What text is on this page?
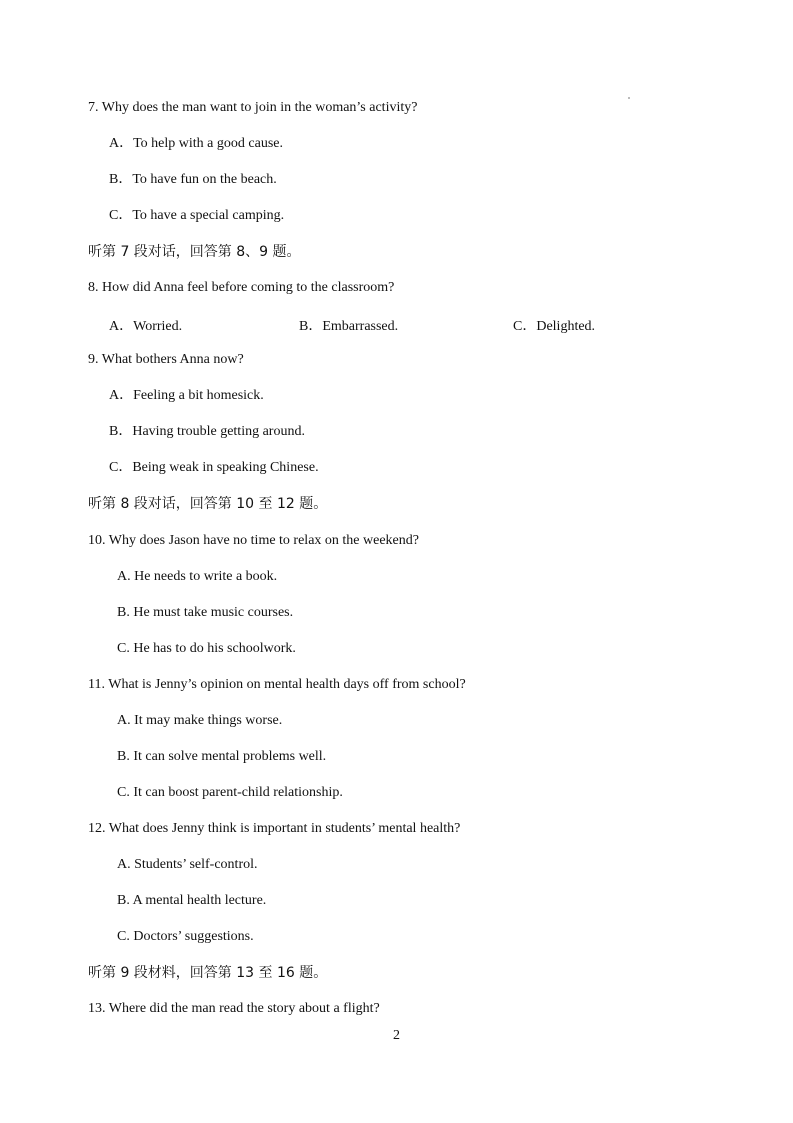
7. Why does the man want to join in the woman’s activity?
A．To help with a good cause.
B．To have fun on the beach.
C．To have a special camping.
听第 7 段对话，回答第 8、9 题。
8. How did Anna feel before coming to the classroom?
A．Worried.	B．Embarrassed.	C．Delighted.
9. What bothers Anna now?
A．Feeling a bit homesick.
B．Having trouble getting around.
C．Being weak in speaking Chinese.
听第 8 段对话，回答第 10 至 12 题。
10. Why does Jason have no time to relax on the weekend?
A. He needs to write a book.
B. He must take music courses.
C. He has to do his schoolwork.
11. What is Jenny’s opinion on mental health days off from school?
A. It may make things worse.
B. It can solve mental problems well.
C. It can boost parent-child relationship.
12. What does Jenny think is important in students’ mental health?
A. Students’ self-control.
B. A mental health lecture.
C. Doctors’ suggestions.
听第 9 段材料，回答第 13 至 16 题。
13. Where did the man read the story about a flight?
2
